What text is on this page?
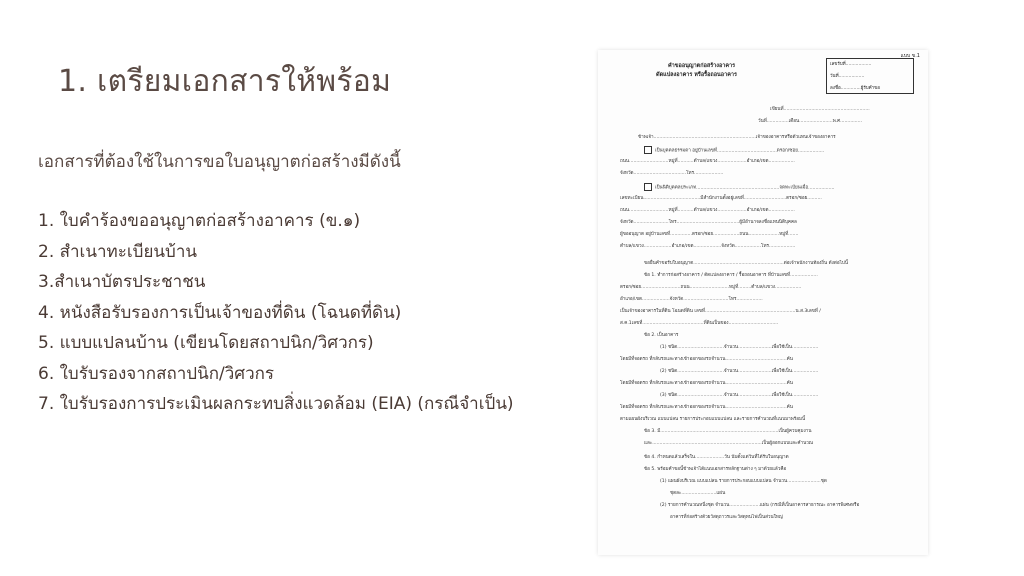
1. เตรียมเอกสารให้พร้อม
เอกสารที่ต้องใช้ในการขอใบอนุญาตก่อสร้างมีดังนี้
1. ใบคำร้องขออนุญาตก่อสร้างอาคาร (ข.๑)
2. สำเนาทะเบียนบ้าน
3.สำเนาบัตรประชาชน
4. หนังสือรับรองการเป็นเจ้าของที่ดิน (โฉนดที่ดิน)
5. แบบแปลนบ้าน (เขียนโดยสถาปนิก/วิศวกร)
6. ใบรับรองจากสถาปนิก/วิศวกร
7. ใบรับรองการประเมินผลกระทบสิ่งแวดล้อม (EIA) (กรณีจำเป็น)
แบบ ข.1
คำขออนุญาตก่อสร้างอาคาร
ดัดแปลงอาคาร หรือรื้อถอนอาคาร
เลขรับที่..................
วันที่..................
ลงชื่อ..............ผู้รับคำขอ
เขียนที่...........................................................
วันที่...............เดือน.......................พ.ศ...............
ข้าพเจ้า......................................................................เจ้าของอาคารหรือตัวแทนเจ้าของอาคาร
เป็นบุคคลธรรมดา อยู่บ้านเลขที่.........................................ตรอก/ซอย..................
ถนน...........................หมู่ที่...........ตำบล/แขวง....................อำเภอ/เขต..................
จังหวัด....................................โทร....................
เป็นนิติบุคคลประเภท.........................................................จดทะเบียนเมื่อ..................
เลขทะเบียน.......................................มีสำนักงานตั้งอยู่เลขที่.............................ตรอก/ซอย..........
ถนน...........................หมู่ที่...........ตำบล/แขวง....................อำเภอ/เขต..................
จังหวัด........................โทร...........................................ผู้มีอำนาจลงชื่อแทนนิติบุคคล
ผู้ขออนุญาต อยู่บ้านเลขที่...............ตรอก/ซอย..................ถนน.....................หมู่ที่.......
ตำบล/แขวง...................อำเภอ/เขต...................จังหวัด..................โทร..................
ขอยื่นคำขอรับใบอนุญาต..............................................................ต่อเจ้าพนักงานท้องถิ่น ดังต่อไปนี้
ข้อ 1. ทำการก่อสร้างอาคาร / ดัดแปลงอาคาร / รื้อถอนอาคาร ที่บ้านเลขที่...................
ตรอก/ซอย...........................ถนน...........................หมู่ที่.........ตำบล/แขวง..................
อำเภอ/เขต...................จังหวัด...............................โทร..................
เป็นเจ้าของอาคารในที่ดิน โฉนดที่ดิน เลขที่..............................................................น.ส.3เลขที่ /
ส.ค.1เลขที่..........................................ที่ดินเป็นของ..................................
ข้อ 2. เป็นอาคาร
(1) ชนิด................................จำนวน.......................เพื่อใช้เป็น..................
โดยมีที่จอดรถ ที่กลับรถและทางเข้าออกของรถจำนวน..........................................คัน
(2) ชนิด................................จำนวน.......................เพื่อใช้เป็น..................
โดยมีที่จอดรถ ที่กลับรถและทางเข้าออกของรถจำนวน..........................................คัน
(3) ชนิด................................จำนวน.......................เพื่อใช้เป็น..................
โดยมีที่จอดรถ ที่กลับรถและทางเข้าออกของรถจำนวน..........................................คัน
ตามแผนผังบริเวณ แบบแปลน รายการประกอบแบบแปลน และรายการคำนวณที่แนบมาพร้อมนี้
ข้อ 3. มี.................................................................................เป็นผู้ควบคุมงาน
และ...........................................................................เป็นผู้ออกแบบและคำนวณ
ข้อ 4. กำหนดแล้วเสร็จใน....................วัน นับตั้งแต่วันที่ได้รับใบอนุญาต
ข้อ 5. พร้อมคำขอนี้ข้าพเจ้าได้แนบเอกสารหลักฐานต่าง ๆ มาด้วยแล้วคือ
(1) แผนผังบริเวณ แบบแปลน รายการประกอบแบบแปลน จำนวน.......................ชุด
ชุดละ........................แผ่น
(2) รายการคำนวณหนึ่งชุด จำนวน.....................แผ่น (กรณีที่เป็นอาคารสาธารณะ อาคารพิเศษหรือ
อาคารที่ก่อสร้างด้วยวัสดุถาวรและวัสดุทนไฟเป็นส่วนใหญ่
